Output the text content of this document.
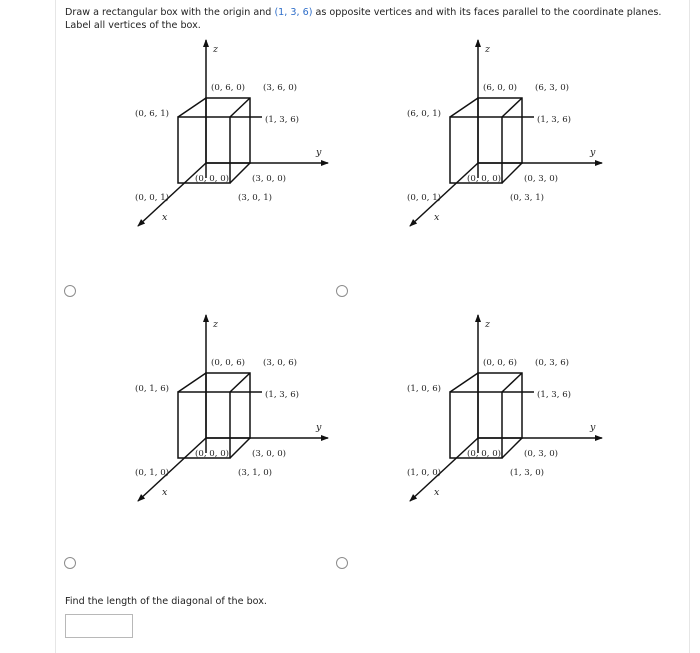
Draw a rectangular box with the origin and (1, 3, 6) as opposite vertices and with its faces parallel to the coordinate planes. Label all vertices of the box.
z
y
x
(0, 6, 0) (3, 6, 0)
(0, 6, 1)
(1, 3, 6)
(0, 0, 0)	(3, 0, 0)
(0, 0, 1)	(3, 0, 1)
z
y
x
(6, 0, 0) (6, 3, 0)
(6, 0, 1)
(1, 3, 6)
(0, 0, 0)	(0, 3, 0)
(0, 0, 1)	(0, 3, 1)
z
y
x
(0, 0, 6) (3, 0, 6)
(0, 1, 6)
(1, 3, 6)
(0, 0, 0)	(3, 0, 0)
(0, 1, 0)	(3, 1, 0)
z
y
x
(0, 0, 6) (0, 3, 6)
(1, 0, 6)
(1, 3, 6)
(0, 0, 0)	(0, 3, 0)
(1, 0, 0)	(1, 3, 0)
Find the length of the diagonal of the box.
